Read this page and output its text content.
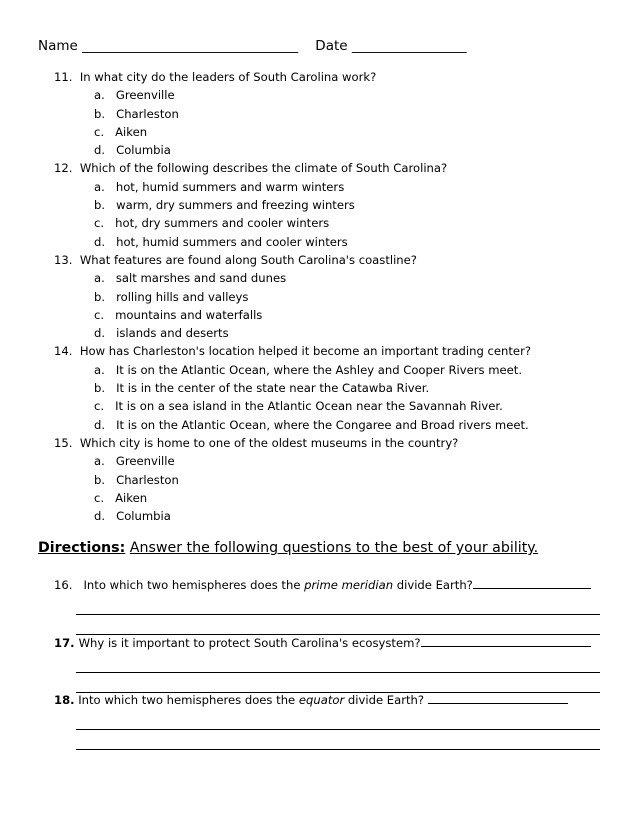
Name ________________________________ Date _________________
11. In what city do the leaders of South Carolina work?
a. Greenville
b. Charleston
c. Aiken
d. Columbia
12. Which of the following describes the climate of South Carolina?
a. hot, humid summers and warm winters
b. warm, dry summers and freezing winters
c. hot, dry summers and cooler winters
d. hot, humid summers and cooler winters
13. What features are found along South Carolina's coastline?
a. salt marshes and sand dunes
b. rolling hills and valleys
c. mountains and waterfalls
d. islands and deserts
14. How has Charleston's location helped it become an important trading center?
a. It is on the Atlantic Ocean, where the Ashley and Cooper Rivers meet.
b. It is in the center of the state near the Catawba River.
c. It is on a sea island in the Atlantic Ocean near the Savannah River.
d. It is on the Atlantic Ocean, where the Congaree and Broad rivers meet.
15. Which city is home to one of the oldest museums in the country?
a. Greenville
b. Charleston
c. Aiken
d. Columbia
Directions: Answer the following questions to the best of your ability.
16. Into which two hemispheres does the prime meridian divide Earth?
17. Why is it important to protect South Carolina's ecosystem?
18. Into which two hemispheres does the equator divide Earth?
